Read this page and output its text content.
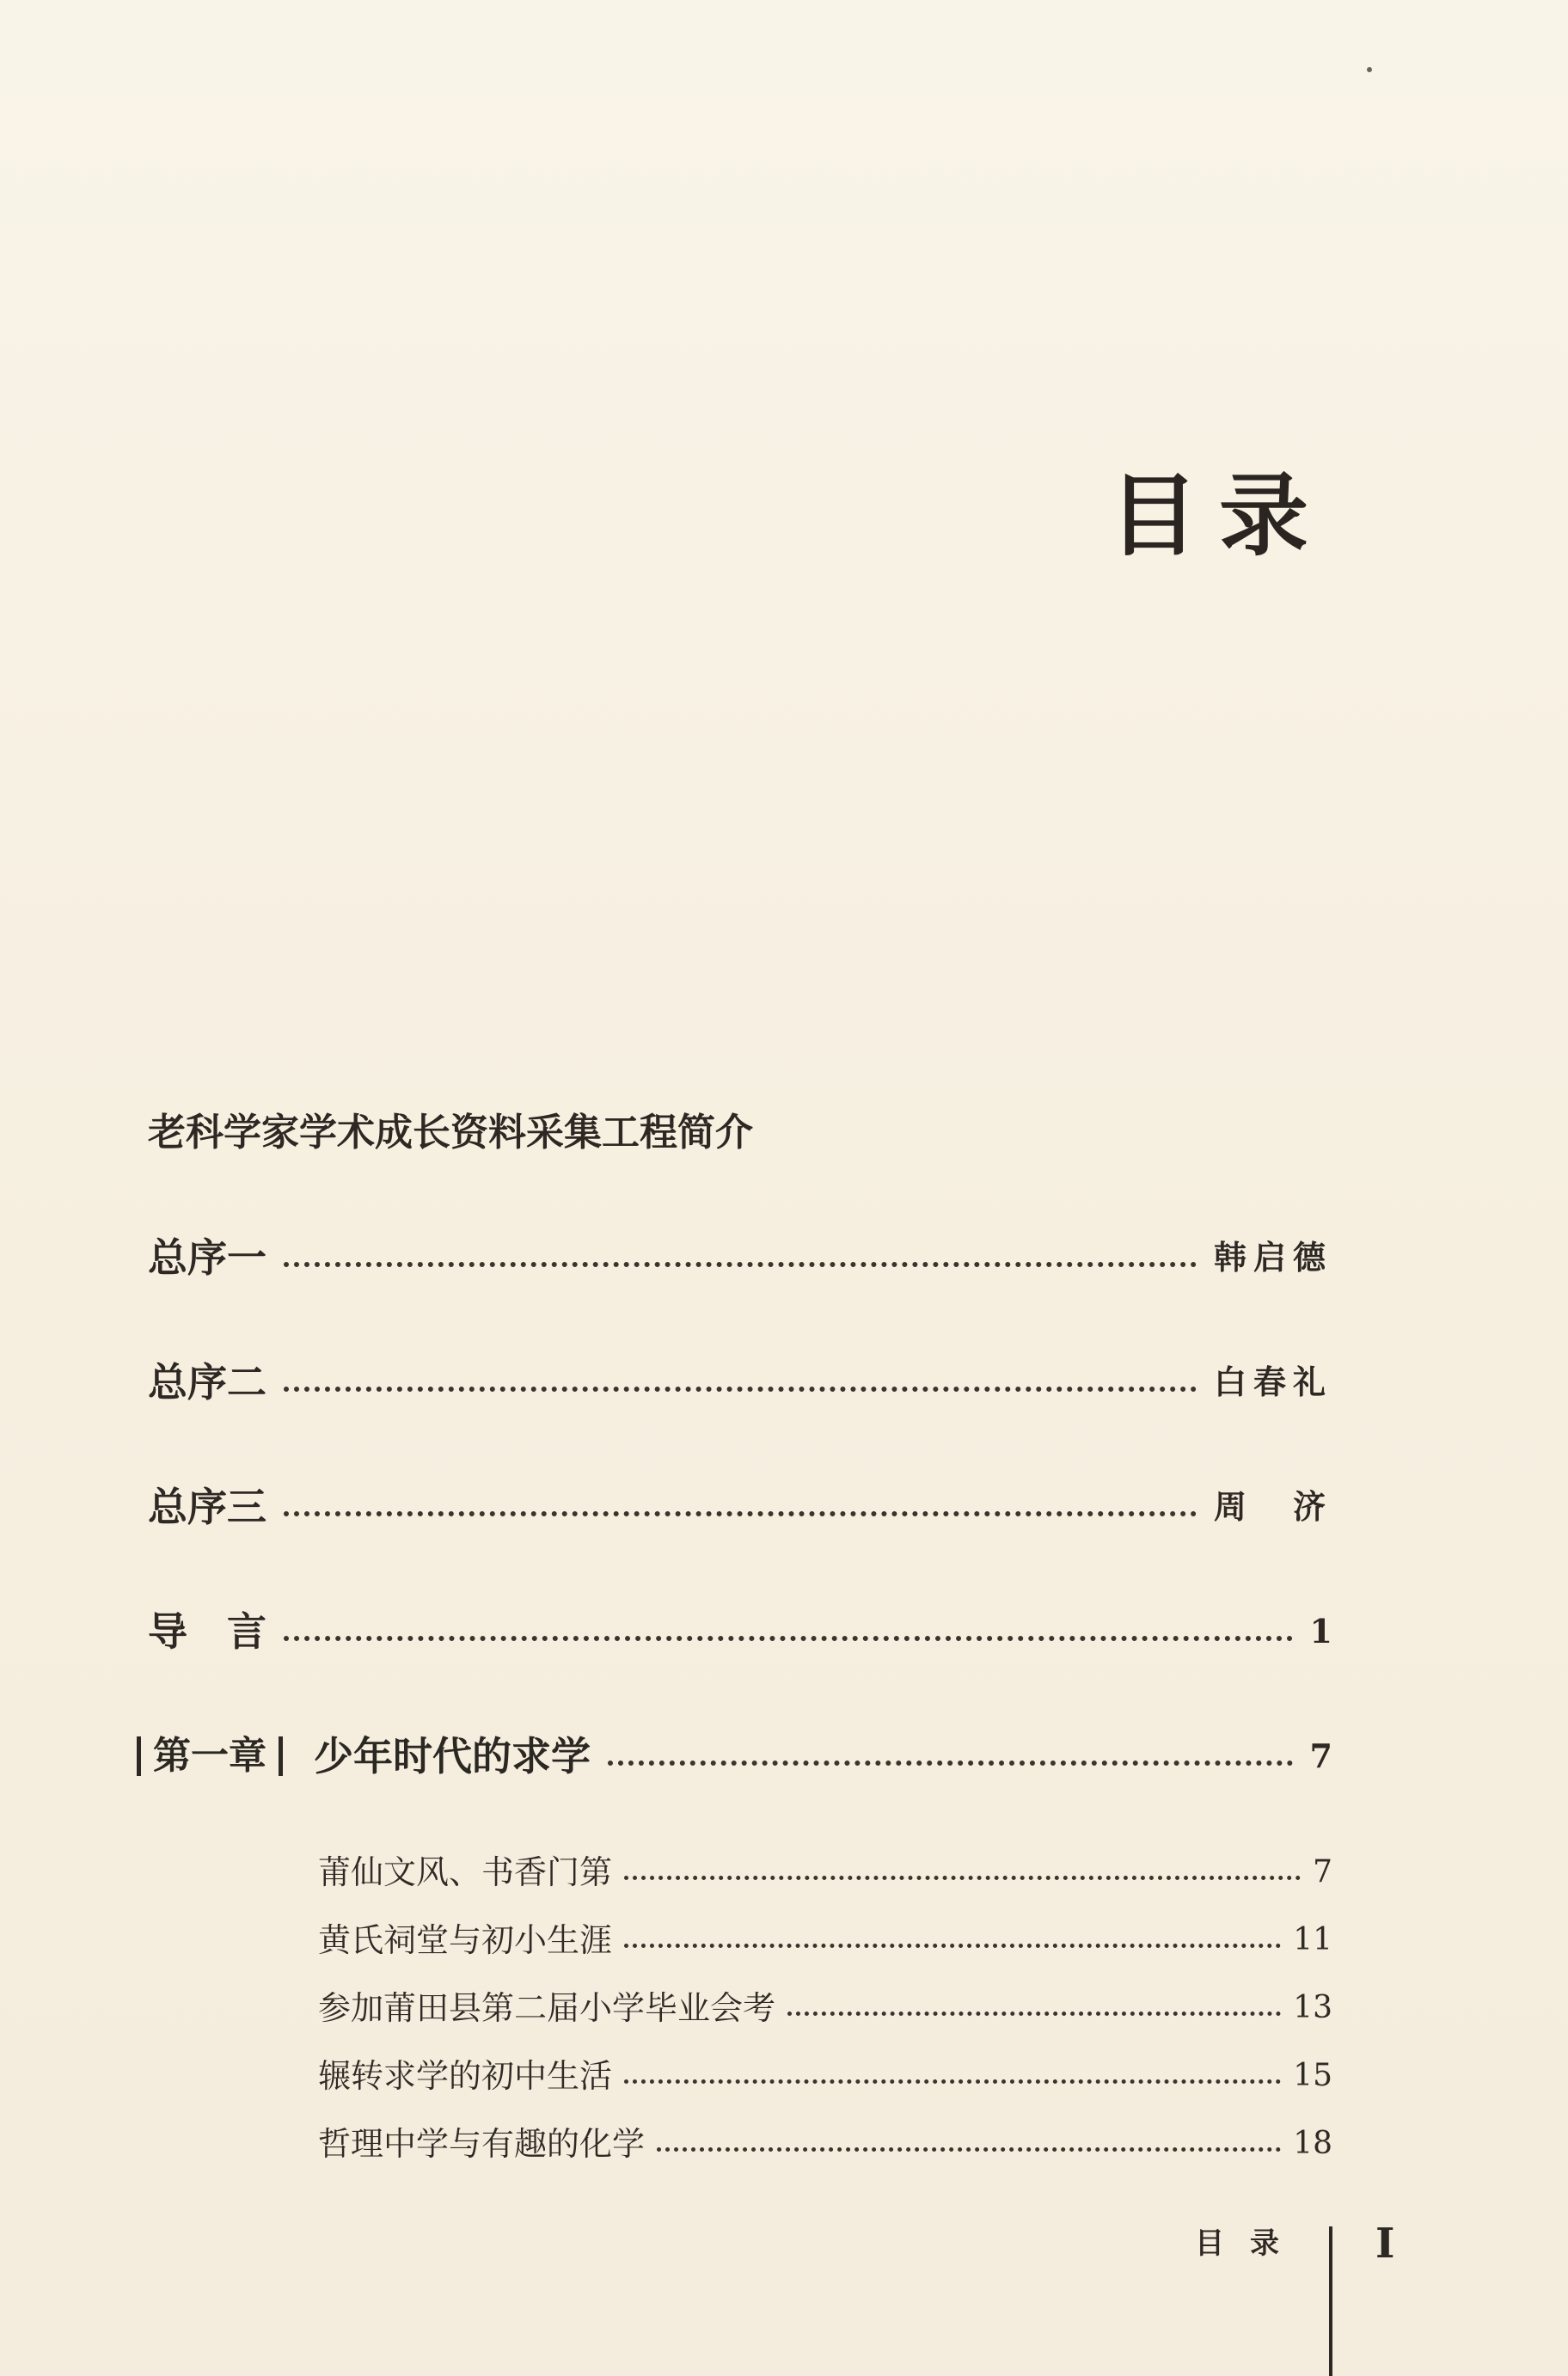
目录
老科学家学术成长资料采集工程简介
总序一	韩启德
总序二	白春礼
总序三	周　济
导　言	1
第一章 少年时代的求学	7
莆仙文风、书香门第	7
黄氏祠堂与初小生涯	11
参加莆田县第二届小学毕业会考	13
辗转求学的初中生活	15
哲理中学与有趣的化学	18
目录 I
